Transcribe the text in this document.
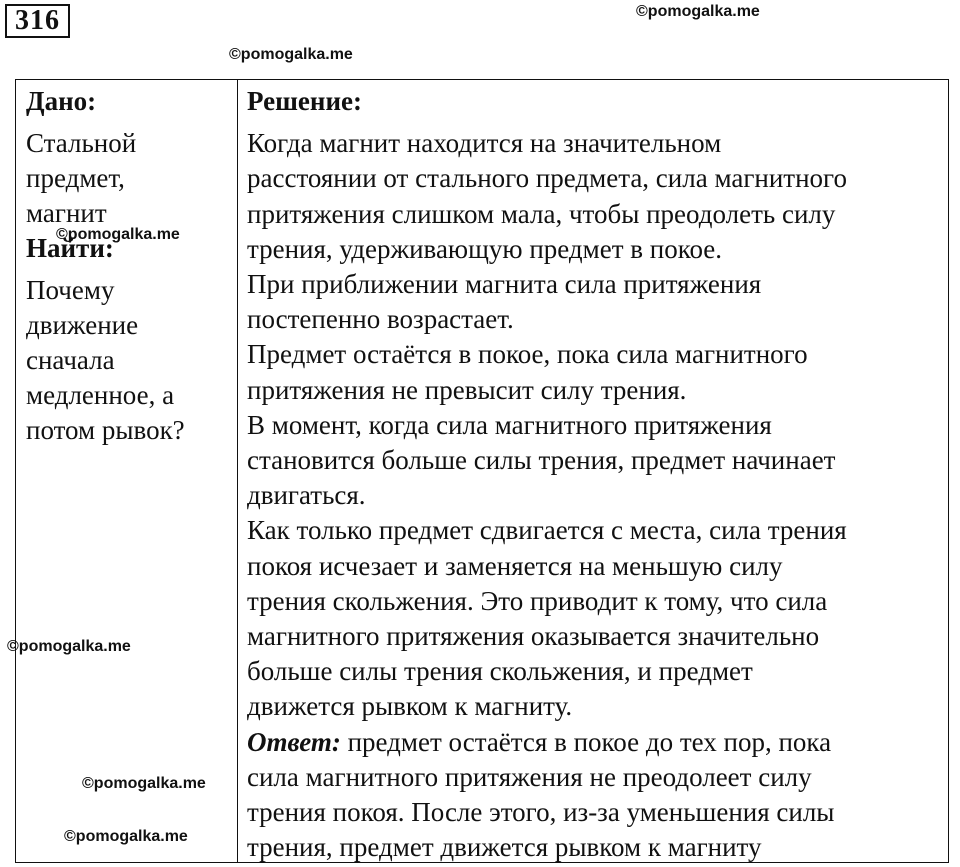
316	©pomogalka.me
©pomogalka.me
Дано:
Стальной
предмет,
магнит
Найти:
Почему
движение
сначала
медленное, а
потом рывок?
Решение:

Когда магнит находится на значительном
расстоянии от стального предмета, сила магнитного
притяжения слишком мала, чтобы преодолеть силу
трения, удерживающую предмет в покое.

При приближении магнита сила притяжения
постепенно возрастает.

Предмет остаётся в покое, пока сила магнитного
притяжения не превысит силу трения.

В момент, когда сила магнитного притяжения
становится больше силы трения, предмет начинает
двигаться.

Как только предмет сдвигается с места, сила трения
покоя исчезает и заменяется на меньшую силу
трения скольжения. Это приводит к тому, что сила
магнитного притяжения оказывается значительно
больше силы трения скольжения, и предмет
движется рывком к магниту.

Ответ: предмет остаётся в покое до тех пор, пока
сила магнитного притяжения не преодолеет силу
трения покоя. После этого, из-за уменьшения силы
трения, предмет движется рывком к магниту

©pomogalka.me
©pomogalka.me
©pomogalka.me
©pomogalka.me
